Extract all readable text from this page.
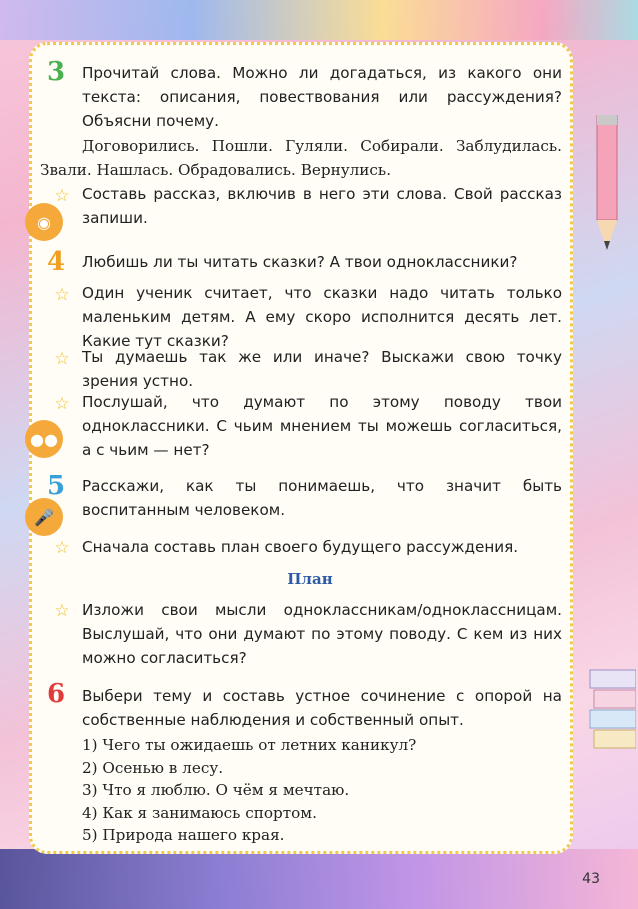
3 Прочитай слова. Можно ли догадаться, из какого они текста: описания, повествования или рассуждения? Объясни почему.
Договорились. Пошли. Гуляли. Собирали. Заблудилась. Звали. Нашлась. Обрадовались. Вернулись.
☆ Составь рассказ, включив в него эти слова. Свой рассказ запиши.
◉
4 Любишь ли ты читать сказки? А твои одноклассники?
☆ Один ученик считает, что сказки надо читать только маленьким детям. А ему скоро исполнится десять лет. Какие тут сказки?
☆ Ты думаешь так же или иначе? Выскажи свою точку зрения устно.
☆ Послушай, что думают по этому поводу твои одноклассники. С чьим мнением ты можешь согласиться, а с чьим — нет?
●●
5 Расскажи, как ты понимаешь, что значит быть воспитанным человеком.
🎤
☆ Сначала составь план своего будущего рассуждения.
План
☆ Изложи свои мысли одноклассникам/одноклассницам. Выслушай, что они думают по этому поводу. С кем из них можно согласиться?
6 Выбери тему и составь устное сочинение с опорой на собственные наблюдения и собственный опыт.
1) Чего ты ожидаешь от летних каникул?
2) Осенью в лесу.
3) Что я люблю. О чём я мечтаю.
4) Как я занимаюсь спортом.
5) Природа нашего края.
43
